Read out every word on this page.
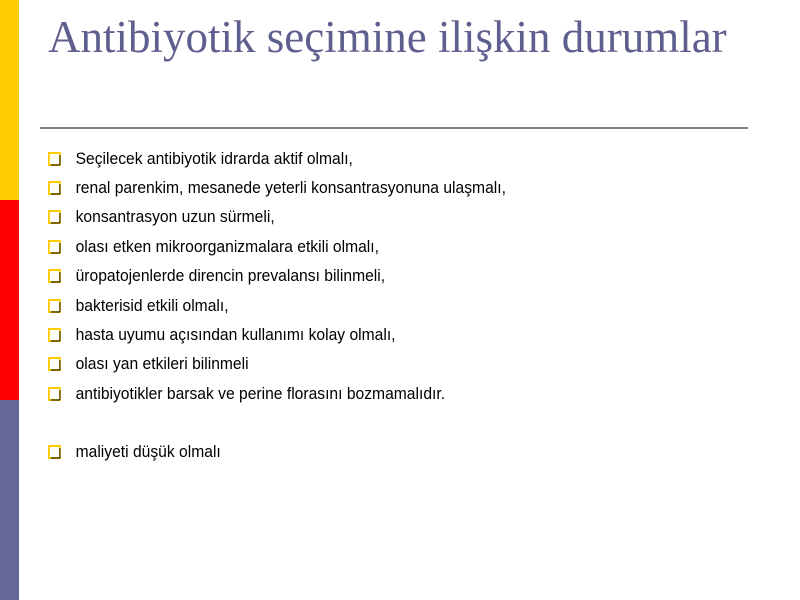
Antibiyotik seçimine ilişkin durumlar
Seçilecek antibiyotik idrarda aktif olmalı,
renal parenkim, mesanede yeterli konsantrasyonuna ulaşmalı,
konsantrasyon uzun sürmeli,
olası etken mikroorganizmalara etkili olmalı,
üropatojenlerde direncin prevalansı bilinmeli,
bakterisid etkili olmalı,
hasta uyumu açısından kullanımı kolay olmalı,
olası yan etkileri bilinmeli
antibiyotikler barsak ve perine florasını bozmamalıdır.
maliyeti düşük olmalı
